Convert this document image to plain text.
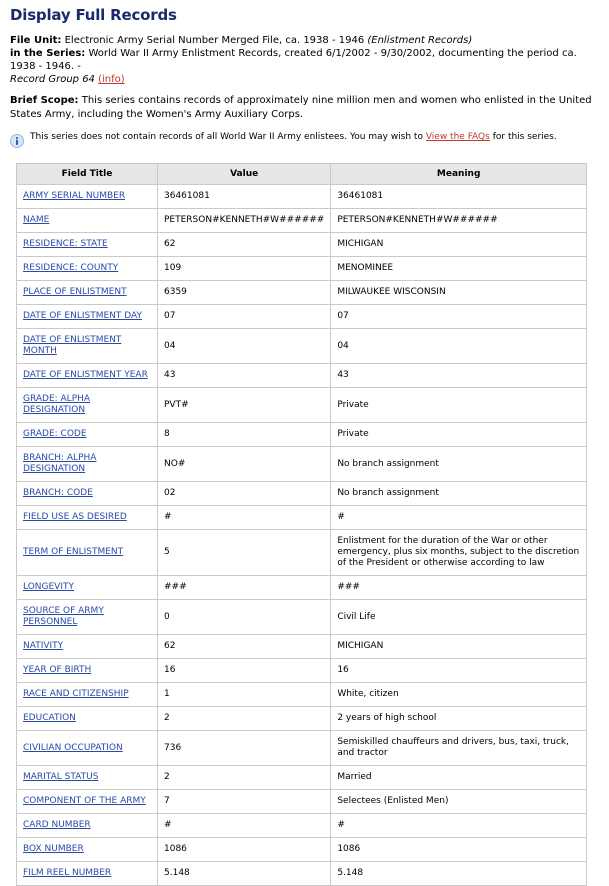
Display Full Records
File Unit: Electronic Army Serial Number Merged File, ca. 1938 - 1946 (Enlistment Records)
in the Series: World War II Army Enlistment Records, created 6/1/2002 - 9/30/2002, documenting the period ca. 1938 - 1946. -
Record Group 64 (info)
Brief Scope: This series contains records of approximately nine million men and women who enlisted in the United States Army, including the Women's Army Auxiliary Corps.
This series does not contain records of all World War II Army enlistees. You may wish to View the FAQs for this series.
Field Title	Value	Meaning
ARMY SERIAL NUMBER	36461081	36461081
NAME	PETERSON#KENNETH#W######	PETERSON#KENNETH#W######
RESIDENCE: STATE	62	MICHIGAN
RESIDENCE: COUNTY	109	MENOMINEE
PLACE OF ENLISTMENT	6359	MILWAUKEE WISCONSIN
DATE OF ENLISTMENT DAY	07	07
DATE OF ENLISTMENT MONTH	04	04
DATE OF ENLISTMENT YEAR	43	43
GRADE: ALPHA DESIGNATION	PVT#	Private
GRADE: CODE	8	Private
BRANCH: ALPHA DESIGNATION	NO#	No branch assignment
BRANCH: CODE	02	No branch assignment
FIELD USE AS DESIRED	#	#
TERM OF ENLISTMENT	5	Enlistment for the duration of the War or other emergency, plus six months, subject to the discretion of the President or otherwise according to law
LONGEVITY	###	###
SOURCE OF ARMY PERSONNEL	0	Civil Life
NATIVITY	62	MICHIGAN
YEAR OF BIRTH	16	16
RACE AND CITIZENSHIP	1	White, citizen
EDUCATION	2	2 years of high school
CIVILIAN OCCUPATION	736	Semiskilled chauffeurs and drivers, bus, taxi, truck, and tractor
MARITAL STATUS	2	Married
COMPONENT OF THE ARMY	7	Selectees (Enlisted Men)
CARD NUMBER	#	#
BOX NUMBER	1086	1086
FILM REEL NUMBER	5.148	5.148
